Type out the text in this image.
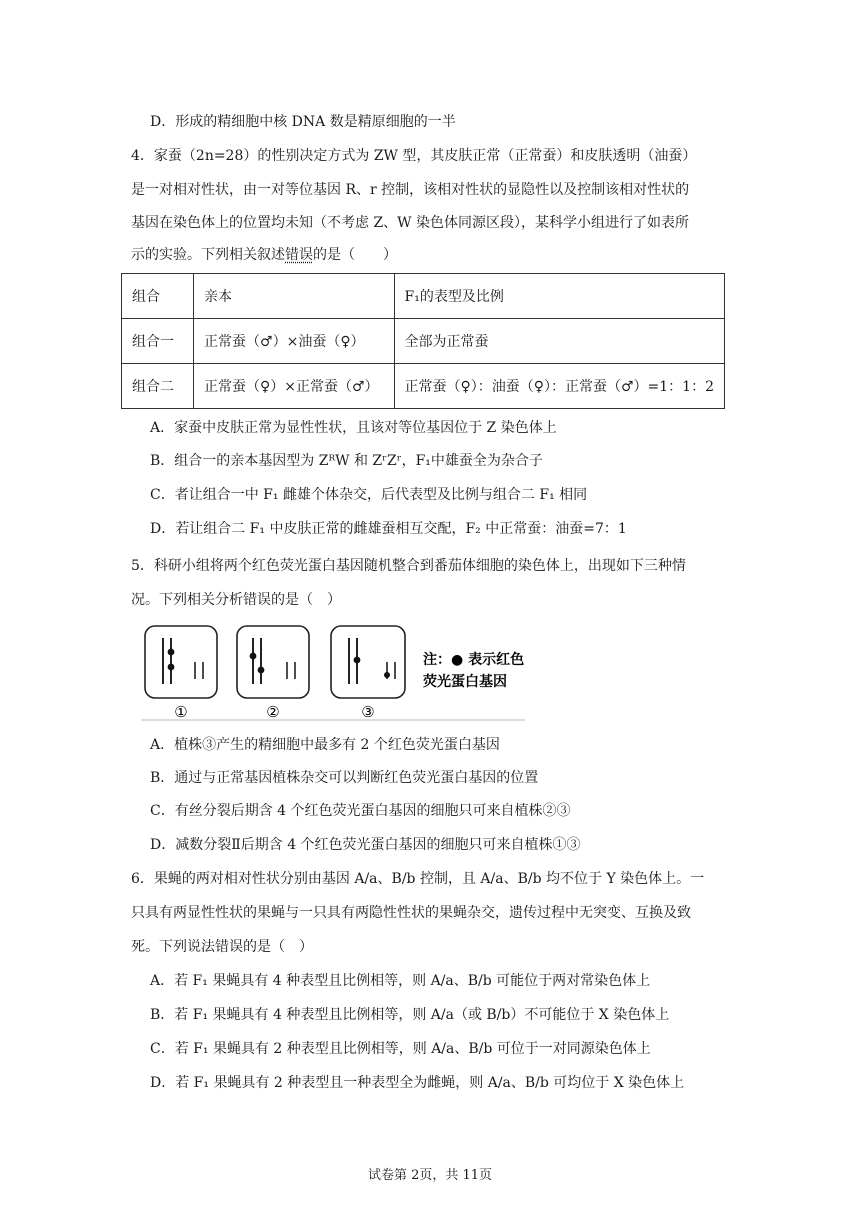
D．形成的精细胞中核 DNA 数是精原细胞的一半
4．家蚕（2n=28）的性别决定方式为 ZW 型，其皮肤正常（正常蚕）和皮肤透明（油蚕）
是一对相对性状，由一对等位基因 R、r 控制，该相对性状的显隐性以及控制该相对性状的
基因在染色体上的位置均未知（不考虑 Z、W 染色体同源区段），某科学小组进行了如表所
示的实验。下列相关叙述错误的是（　　）
组合	亲本	F₁的表型及比例
组合一	正常蚕（♂）×油蚕（♀）	全部为正常蚕
组合二	正常蚕（♀）×正常蚕（♂）	正常蚕（♀）：油蚕（♀）：正常蚕（♂）=1：1：2
A．家蚕中皮肤正常为显性性状，且该对等位基因位于 Z 染色体上
B．组合一的亲本基因型为 ZᴿW 和 ZʳZʳ，F₁中雄蚕全为杂合子
C．者让组合一中 F₁ 雌雄个体杂交，后代表型及比例与组合二 F₁ 相同
D．若让组合二 F₁ 中皮肤正常的雌雄蚕相互交配，F₂ 中正常蚕：油蚕=7：1
5．科研小组将两个红色荧光蛋白基因随机整合到番茄体细胞的染色体上，出现如下三种情
况。下列相关分析错误的是（　）
①	②	③
注：● 表示红色
荧光蛋白基因
A．植株③产生的精细胞中最多有 2 个红色荧光蛋白基因
B．通过与正常基因植株杂交可以判断红色荧光蛋白基因的位置
C．有丝分裂后期含 4 个红色荧光蛋白基因的细胞只可来自植株②③
D．减数分裂Ⅱ后期含 4 个红色荧光蛋白基因的细胞只可来自植株①③
6．果蝇的两对相对性状分别由基因 A/a、B/b 控制，且 A/a、B/b 均不位于 Y 染色体上。一
只具有两显性性状的果蝇与一只具有两隐性性状的果蝇杂交，遗传过程中无突变、互换及致
死。下列说法错误的是（　）
A．若 F₁ 果蝇具有 4 种表型且比例相等，则 A/a、B/b 可能位于两对常染色体上
B．若 F₁ 果蝇具有 4 种表型且比例相等，则 A/a（或 B/b）不可能位于 X 染色体上
C．若 F₁ 果蝇具有 2 种表型且比例相等，则 A/a、B/b 可位于一对同源染色体上
D．若 F₁ 果蝇具有 2 种表型且一种表型全为雌蝇，则 A/a、B/b 可均位于 X 染色体上
试卷第 2页，共 11页
